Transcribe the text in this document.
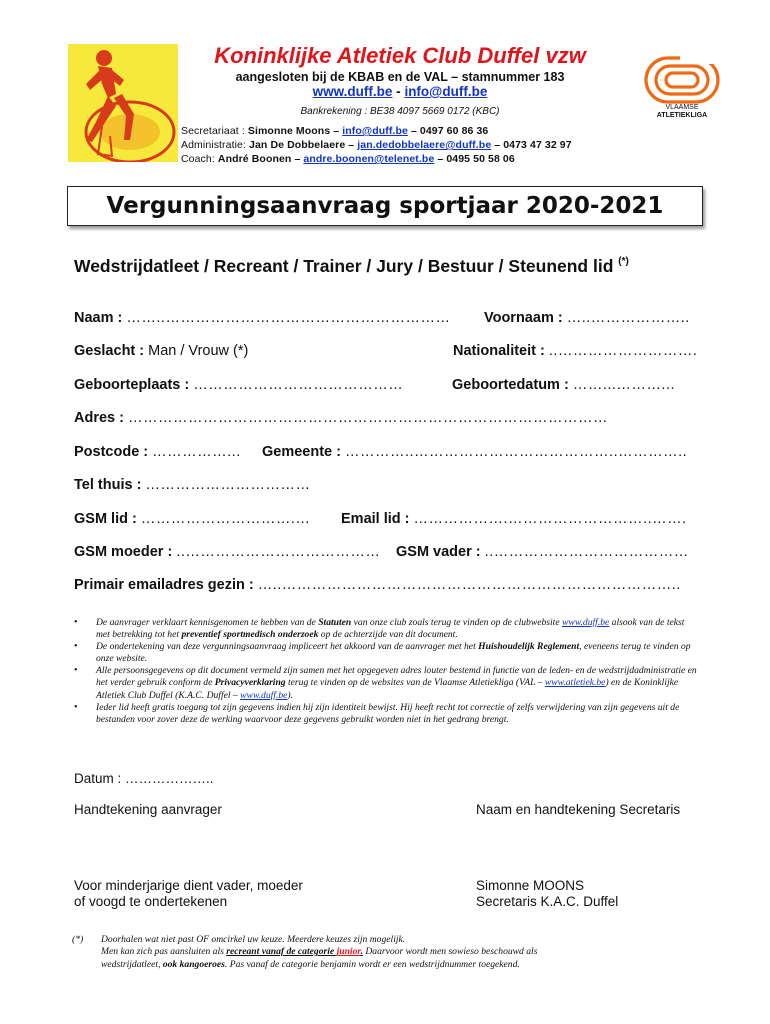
Koninklijke Atletiek Club Duffel vzw
aangesloten bij de KBAB en de VAL – stamnummer 183
www.duff.be - info@duff.be
Bankrekening : BE38 4097 5669 0172 (KBC)
Secretariaat : Simonne Moons – info@duff.be – 0497 60 86 36
Administratie: Jan De Dobbelaere – jan.dedobbelaere@duff.be – 0473 47 32 97
Coach: André Boonen – andre.boonen@telenet.be – 0495 50 58 06
VLAAMSE
ATLETIEKLIGA
Vergunningsaanvraag sportjaar 2020-2021
Wedstrijdatleet / Recreant / Trainer / Jury / Bestuur / Steunend lid (*)
Naam : ……..………………………………………………… Voornaam : …..………………..
Geslacht : Man / Vrouw (*)	Nationaliteit : ..……………………….
Geboorteplaats : ……………………………………	Geboortedatum : ……...………...
Adres : ……………………………………………………………………………………
Postcode : ……………... Gemeente : …………..…………………………………..…………..
Tel thuis : ……………………………
GSM lid : ………………………….… Email lid : ……………….………………………..…….
GSM moeder : ..………………………………… GSM vader : ..…………………………………
Primair emailadres gezin : …..……………………………………………………………………..
• De aanvrager verklaart kennisgenomen te hebben van de Statuten van onze club zoals terug te vinden op de clubwebsite www.duff.be alsook van de tekst met betrekking tot het preventief sportmedisch onderzoek op de achterzijde van dit document.
• De ondertekening van deze vergunningsaanvraag impliceert het akkoord van de aanvrager met het Huishoudelijk Reglement, eveneens terug te vinden op onze website.
• Alle persoonsgegevens op dit document vermeld zijn samen met het opgegeven adres louter bestemd in functie van de leden- en de wedstrijdadministratie en het verder gebruik conform de Privacyverklaring terug te vinden op de websites van de Vlaamse Atletiekliga (VAL – www.atletiek.be) en de Koninklijke Atletiek Club Duffel (K.A.C. Duffel – www.duff.be).
• Ieder lid heeft gratis toegang tot zijn gegevens indien hij zijn identiteit bewijst. Hij heeft recht tot correctie of zelfs verwijdering van zijn gegevens uit de bestanden voor zover deze de werking waarvoor deze gegevens gebruikt worden niet in het gedrang brengt.
Datum : ………………..
Handtekening aanvrager	Naam en handtekening Secretaris
Voor minderjarige dient vader, moeder
of voogd te ondertekenen
Simonne MOONS
Secretaris K.A.C. Duffel
(*) Doorhalen wat niet past OF omcirkel uw keuze. Meerdere keuzes zijn mogelijk.
Men kan zich pas aansluiten als recreant vanaf de categorie junior. Daarvoor wordt men sowieso beschouwd als
wedstrijdatleet, ook kangoeroes. Pas vanaf de categorie benjamin wordt er een wedstrijdnummer toegekend.
